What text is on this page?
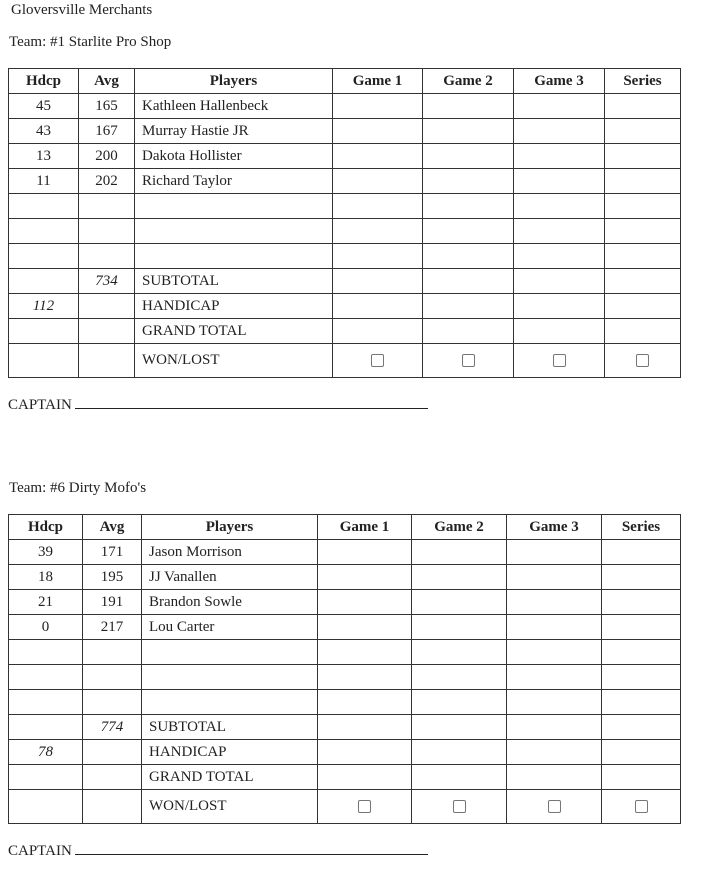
Gloversville Merchants
Team: #1 Starlite Pro Shop
Hdcp	Avg	Players	Game 1	Game 2	Game 3	Series
45	165	Kathleen Hallenbeck				
43	167	Murray Hastie JR				
13	200	Dakota Hollister				
11	202	Richard Taylor				

	734	SUBTOTAL				
112		HANDICAP				
		GRAND TOTAL				
		WON/LOST				
CAPTAIN
Team: #6 Dirty Mofo's
Hdcp	Avg	Players	Game 1	Game 2	Game 3	Series
39	171	Jason Morrison				
18	195	JJ Vanallen				
21	191	Brandon Sowle				
0	217	Lou Carter				

	774	SUBTOTAL				
78		HANDICAP				
		GRAND TOTAL				
		WON/LOST				
CAPTAIN
